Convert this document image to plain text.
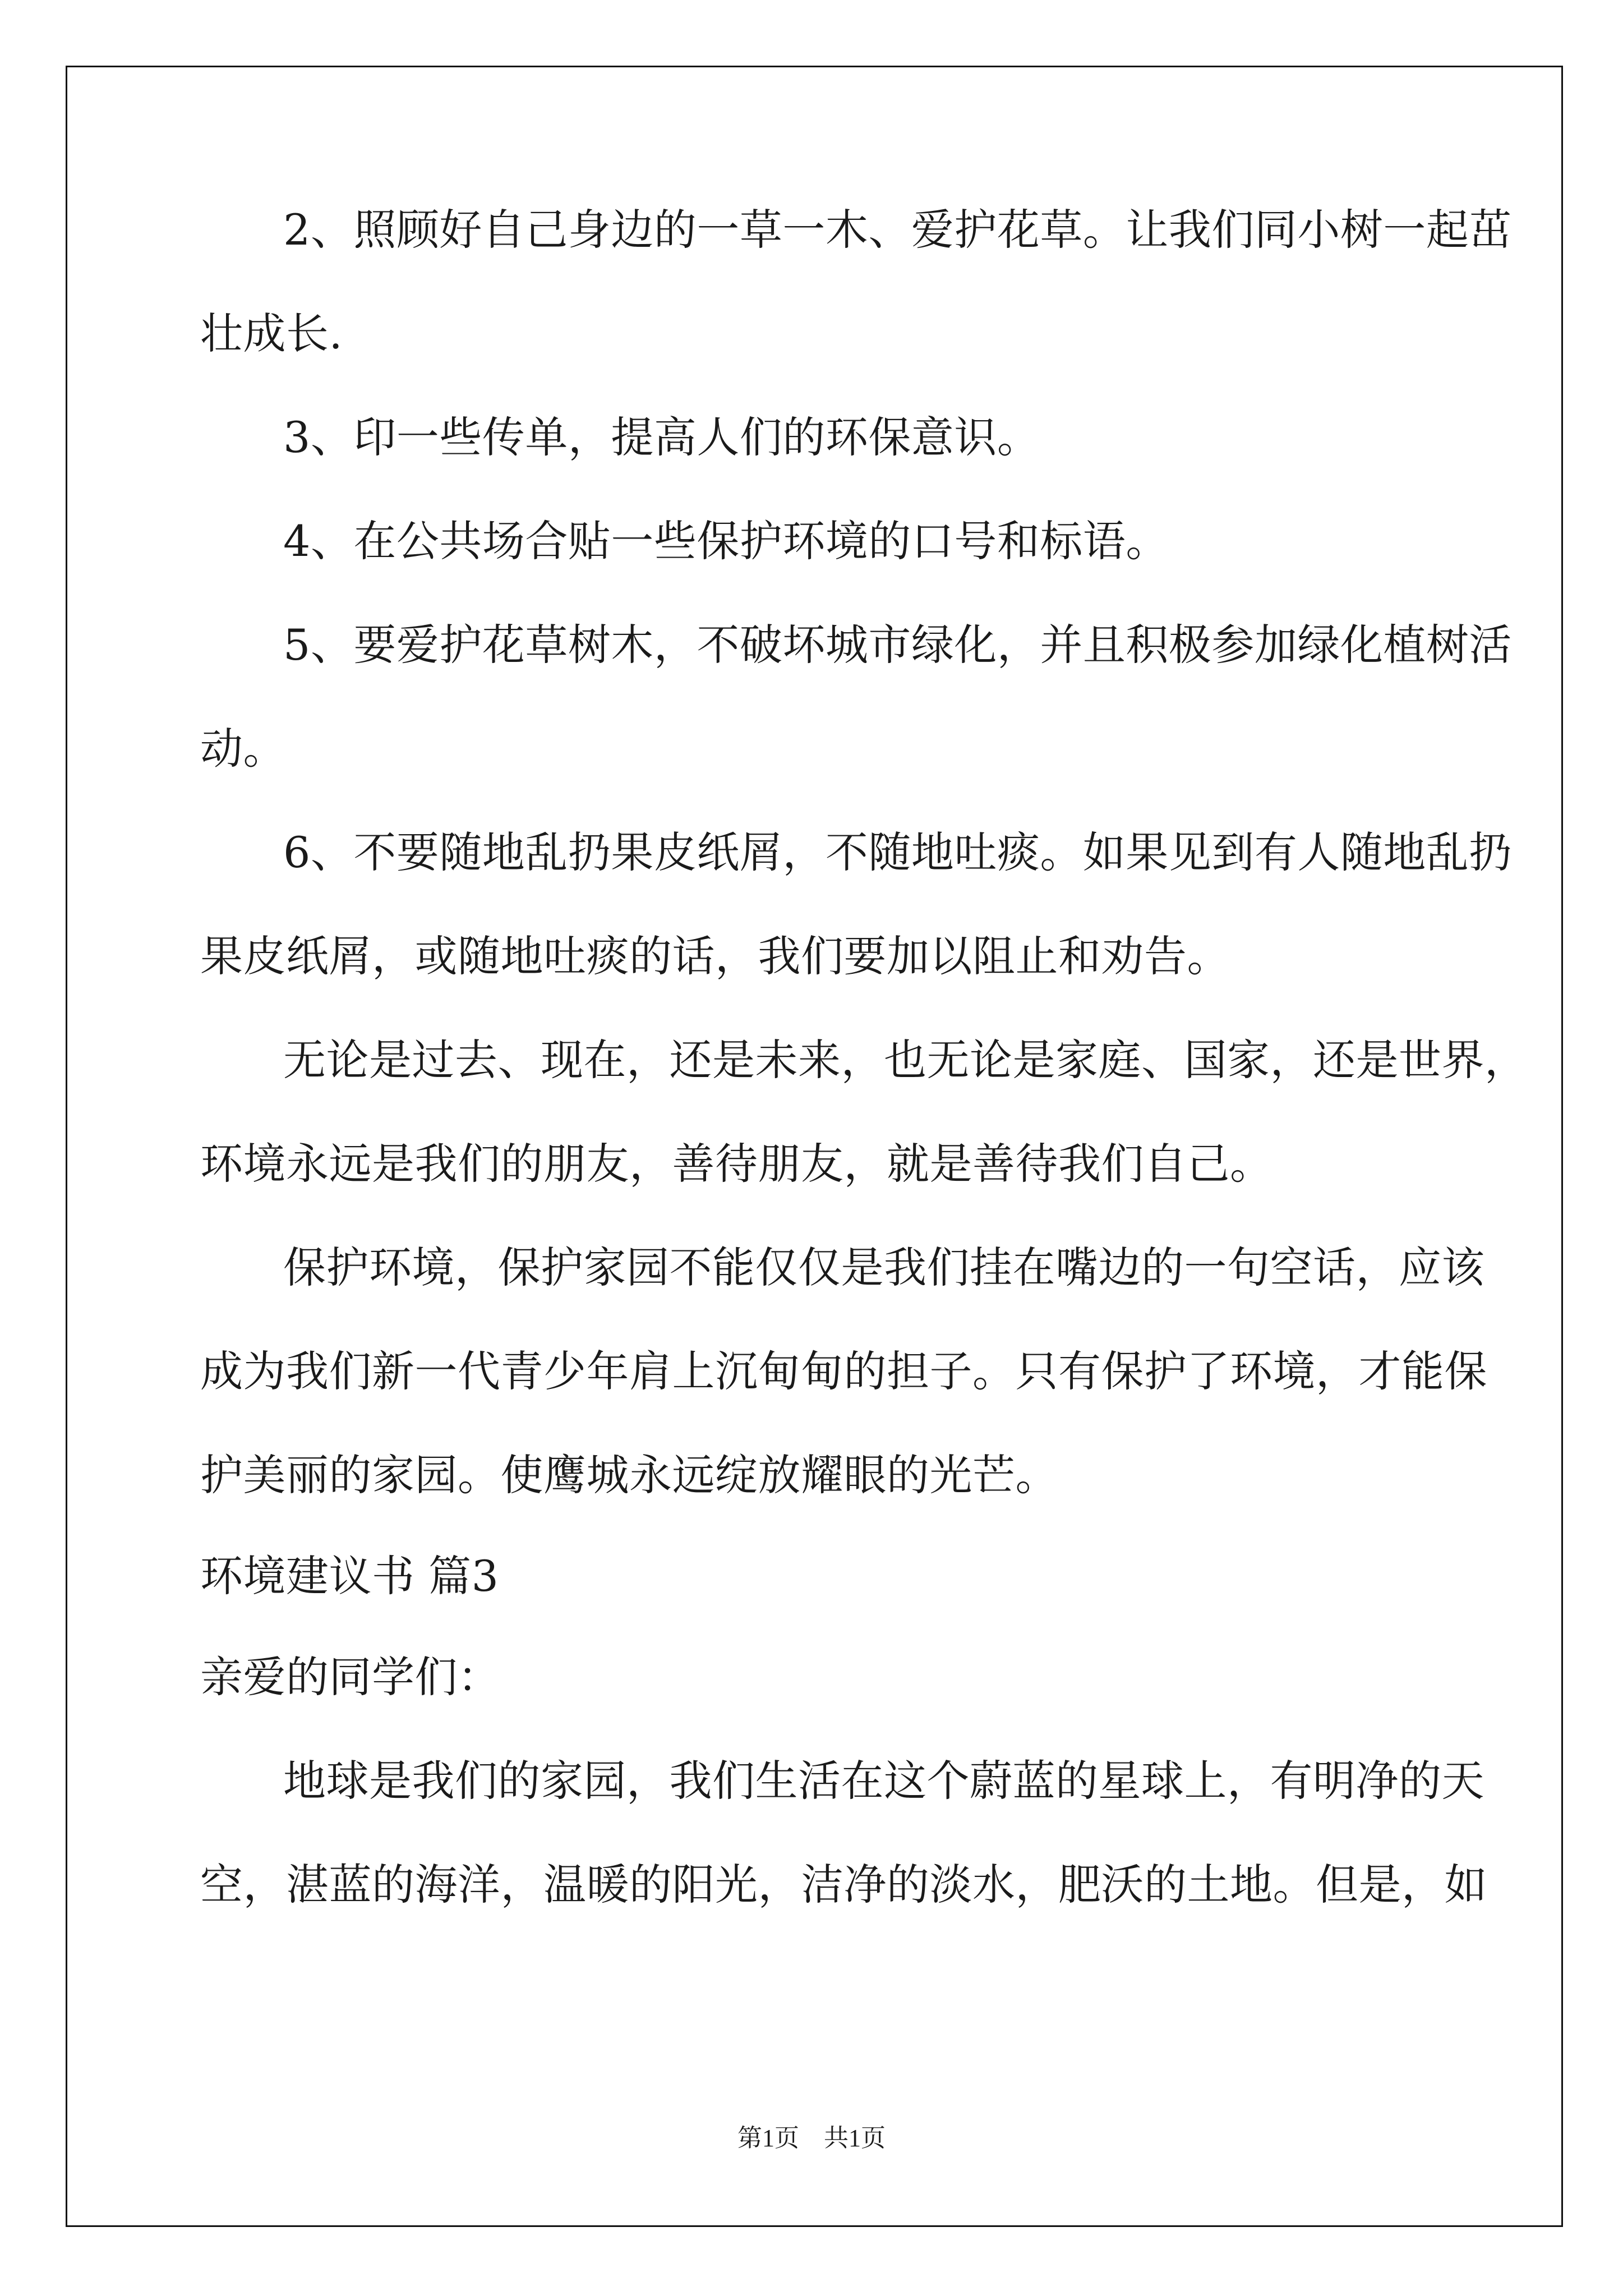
2、照顾好自己身边的一草一木、爱护花草。让我们同小树一起茁
壮成长.
3、印一些传单，提高人们的环保意识。
4、在公共场合贴一些保护环境的口号和标语。
5、要爱护花草树木，不破坏城市绿化，并且积极参加绿化植树活
动。
6、不要随地乱扔果皮纸屑，不随地吐痰。如果见到有人随地乱扔
果皮纸屑，或随地吐痰的话，我们要加以阻止和劝告。
无论是过去、现在，还是未来，也无论是家庭、国家，还是世界，
环境永远是我们的朋友，善待朋友，就是善待我们自己。
保护环境，保护家园不能仅仅是我们挂在嘴边的一句空话，应该
成为我们新一代青少年肩上沉甸甸的担子。只有保护了环境，才能保
护美丽的家园。使鹰城永远绽放耀眼的光芒。
环境建议书 篇3
亲爱的同学们：
地球是我们的家园，我们生活在这个蔚蓝的星球上，有明净的天
空，湛蓝的海洋，温暖的阳光，洁净的淡水，肥沃的土地。但是，如
第1页　共1页
